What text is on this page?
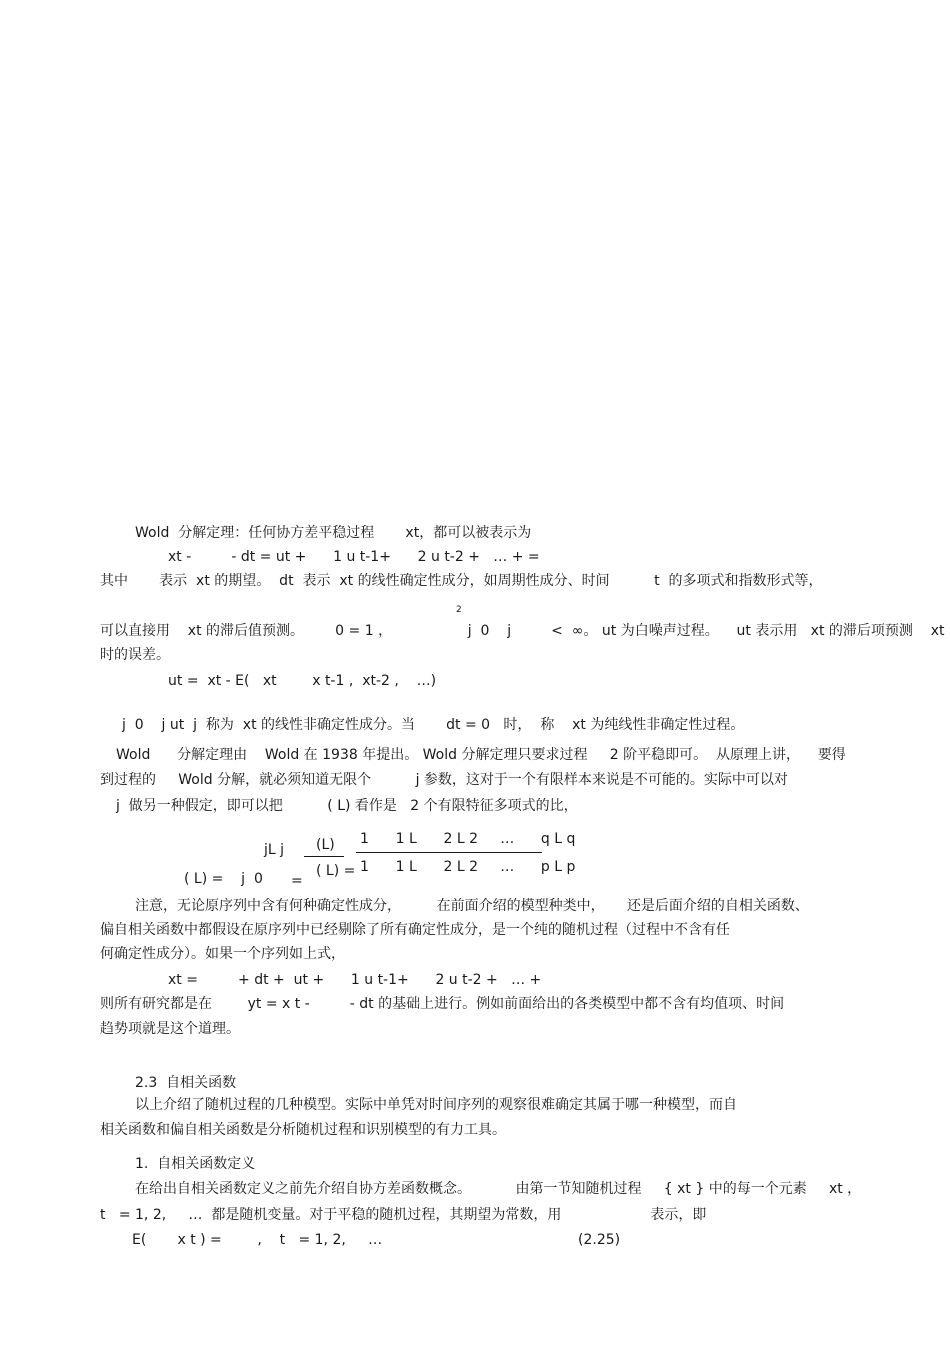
Wold  分解定理：任何协方差平稳过程       xt，都可以被表示为
xt -         - dt = ut +      1 u t-1+      2 u t-2 +   … + =
其中       表示  xt 的期望。  dt  表示  xt 的线性确定性成分，如周期性成分、时间          t  的多项式和指数形式等，
2
可以直接用    xt 的滞后值预测。       0 = 1 ，                 j  0    j         <  ∞。 ut 为白噪声过程。    ut 表示用   xt 的滞后项预测    xt
时的误差。
ut =  xt - E(   xt        x t-1 ,  xt-2 ,    …)
j  0    j ut  j  称为  xt 的线性非确定性成分。当       dt = 0   时，  称    xt 为纯线性非确定性过程。
Wold      分解定理由    Wold 在 1938 年提出。 Wold 分解定理只要求过程     2 阶平稳即可。  从原理上讲，    要得
到过程的     Wold 分解，就必须知道无限个          j 参数，这对于一个有限样本来说是不可能的。实际中可以对
j  做另一种假定，即可以把          ( L) 看作是   2 个有限特征多项式的比，
jL j (L) 1      1 L      2 L 2     …      q L q
( L) =    j  0 =
( L) = 1      1 L      2 L 2     …      p L p
注意，无论原序列中含有何种确定性成分，        在前面介绍的模型种类中，     还是后面介绍的自相关函数、
偏自相关函数中都假设在原序列中已经剔除了所有确定性成分，是一个纯的随机过程（过程中不含有任
何确定性成分）。如果一个序列如上式，
xt =         + dt +  ut +      1 u t-1+      2 u t-2 +   … +
则所有研究都是在        yt = x t -         - dt 的基础上进行。例如前面给出的各类模型中都不含有均值项、时间
趋势项就是这个道理。
2.3  自相关函数
以上介绍了随机过程的几种模型。实际中单凭对时间序列的观察很难确定其属于哪一种模型，而自
相关函数和偏自相关函数是分析随机过程和识别模型的有力工具。
1.  自相关函数定义
在给出自相关函数定义之前先介绍自协方差函数概念。          由第一节知随机过程     { xt } 中的每一个元素     xt ，
t   = 1, 2,     …  都是随机变量。对于平稳的随机过程，其期望为常数，用                    表示，即
E(       x t ) =        ,    t   = 1, 2,     …	(2.25)
